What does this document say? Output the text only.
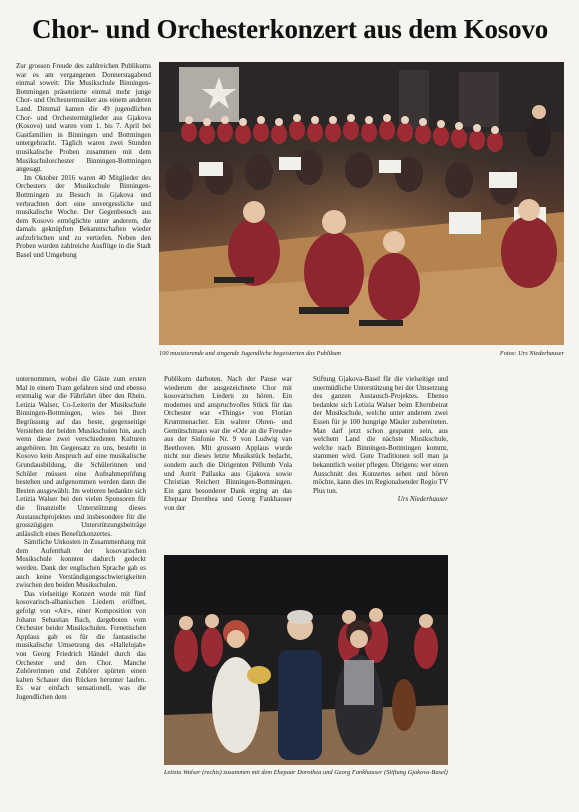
Chor- und Orchesterkonzert aus dem Kosovo

Zur grossen Freude des zahlreichen Publikums war es am vergangenen Donnerstagabend einmal soweit: Die Musikschule Binningen-Bottmingen präsentierte einmal mehr junge Chor- und Orchestermusiker aus einem anderen Land. Dimmal kamen die 49 jugendlichen Chor- und Orchestermitglieder aus Gjakova (Kosovo) und waren vom 1. bis 7. April bei Gastfamilien in Binningen und Bottmingen untergebracht. Täglich waren zwei Stunden musikalische Proben zusammen mit dem Musikschulorchester Binningen-Bottmingen angesagt.

Im Oktober 2016 waren 40 Mitglieder des Orchesters der Musikschule Binningen-Bottmingen zu Besuch in Gjakova und verbrachten dort eine unvergessliche und musikalische Woche. Der Gegenbesuch aus dem Kosovo ermöglichte unter anderem, die damals geknüpften Bekanntschaften wieder aufzufrischen und zu vertiefen. Neben den Proben wurden zahlreiche Ausflüge in die Stadt Basel und Umgebung

100 musizierende und singende Jugendliche begeisterten das Publikum	Fotos: Urs Niederhauser

unternommen, wobei die Gäste zum ersten Mal in einem Tram gefahren sind und ebenso erstmalig war die Fährfahrt über den Rhein. Letizia Walser, Co-Leiterin der Musikschule Binningen-Bottmingen, wies bei Ihrer Begrüssung auf das beste, gegenseitige Verstehen der beiden Musikschulen hin, auch wenn diese zwei verschiedenen Kulturen angehören. Im Gegensatz zu uns, besteht in Kosovo kein Anspruch auf eine musikalische Grundausbildung, die Schülerinnen und Schüler müssen eine Aufnahmeprüfung bestehen und aufgenommen werden dann die Besten ausgewählt. Im weiteren bedankte sich Letizia Walser bei den vielen Sponsoren für die finanzielle Unterstützung dieses Austauschprojektes und insbesondere für die grosszügigen Unterstützungsbeiträge anlässlich eines Benefizkonzertes.

Sämtliche Unkosten in Zusammenhang mit dem Aufenthalt der kosovarischen Musikschule konnten dadurch gedeckt werden. Dank der englischen Sprache gab es auch keine Verständigungsschwierigkeiten zwischen den beiden Musikschulen.

Das vielseitige Konzert wurde mit fünf kosovarisch-albanischen Liedern eröffnet, gefolgt von «Air», einer Komposition von Johann Sebastian Bach, dargeboten vom Orchester beider Musikschulen. Frenetischen Applaus gab es für die fantastische musikalische Umsetzung des «Hallelujah» von Georg Friedrich Händel durch das Orchester und den Chor. Manche Zuhörerinnen und Zuhörer spürten einen kalten Schauer den Rücken herunter laufen. Es war einfach sensationell, was die Jugendlichen dem

Publikum darboten. Nach der Pause war wiederum der ausgezeichnete Chor mit kosovarischen Liedern zu hören. Ein modernes und anspruchvolles Stück für das Orchester war «Things» von Florian Krummenacher. Ein wahrer Ohren- und Gemütschmaus war die «Ode an die Freude» aus der Sinfonie Nr. 9 von Ludwig van Beethoven. Mit grossem Applaus wurde nicht nur dieses letzte Musikstück bedacht, sondern auch die Dirigenten Pëllumb Vula und Astrit Pallaska aus Gjakova sowie Christian Reichert Binningen-Bottmingen. Ein ganz besonderer Dank erging an das Ehepaar Dorothea und Georg Fankhauser von der

Stiftung Gjakova-Basel für die vielseitige und unermüdliche Unterstützung bei der Umsetzung des ganzen Austausch-Projektes. Ebenso bedankte sich Letizia Walser beim Elternbeirat der Musikschule, welche unter anderem zwei Essen für je 100 hungrige Mäuler zubereiteten. Man darf jetzt schon gespannt sein, aus welchem Land die nächste Musikschule, welche nach Binningen-Bottmingen kommt, stammen wird. Gute Traditionen soll man ja bekanntlich weiter pflegen. Übrigens: wer einen Ausschnitt des Konzertes sehen und hören möchte, kann dies im Regionalsender Regio TV Plus tun.

Urs Niederhauser
Letizia Walser (rechts) zusammen mit dem Ehepaar Dorothea und Georg Fankhauser (Stiftung Gjakova-Basel)
